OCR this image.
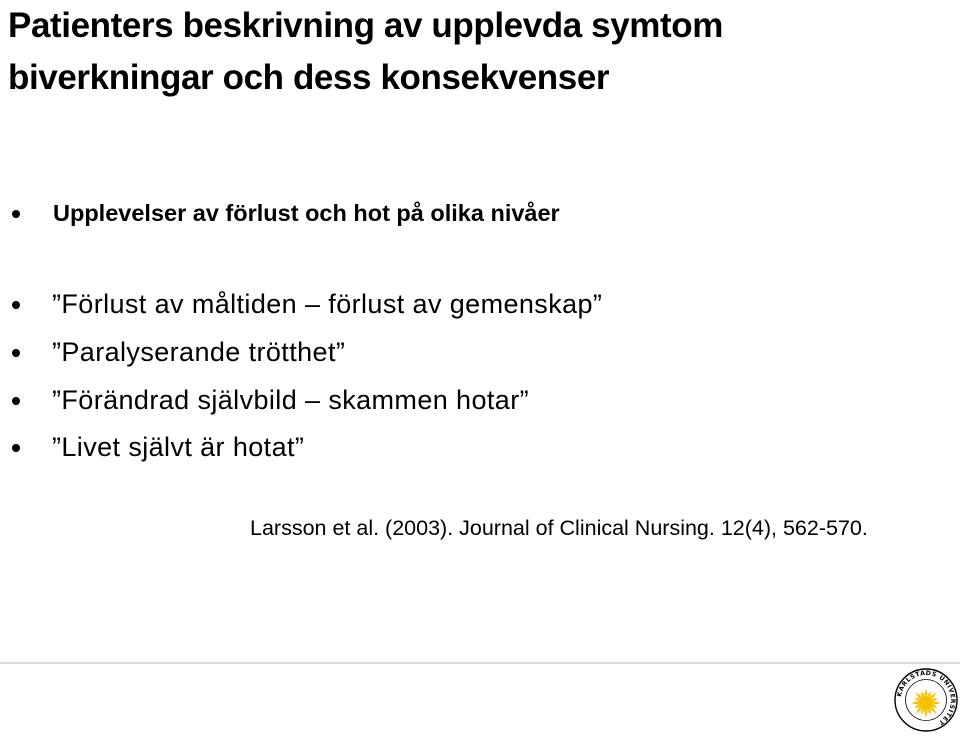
Patienters beskrivning av upplevda symtom
biverkningar och dess konsekvenser
Upplevelser av förlust och hot på olika nivåer
”Förlust av måltiden – förlust av gemenskap”
”Paralyserande trötthet”
”Förändrad självbild – skammen hotar”
”Livet självt är hotat”
Larsson et al. (2003). Journal of Clinical Nursing. 12(4), 562-570.
KARLSTADS UNIVERSITET
